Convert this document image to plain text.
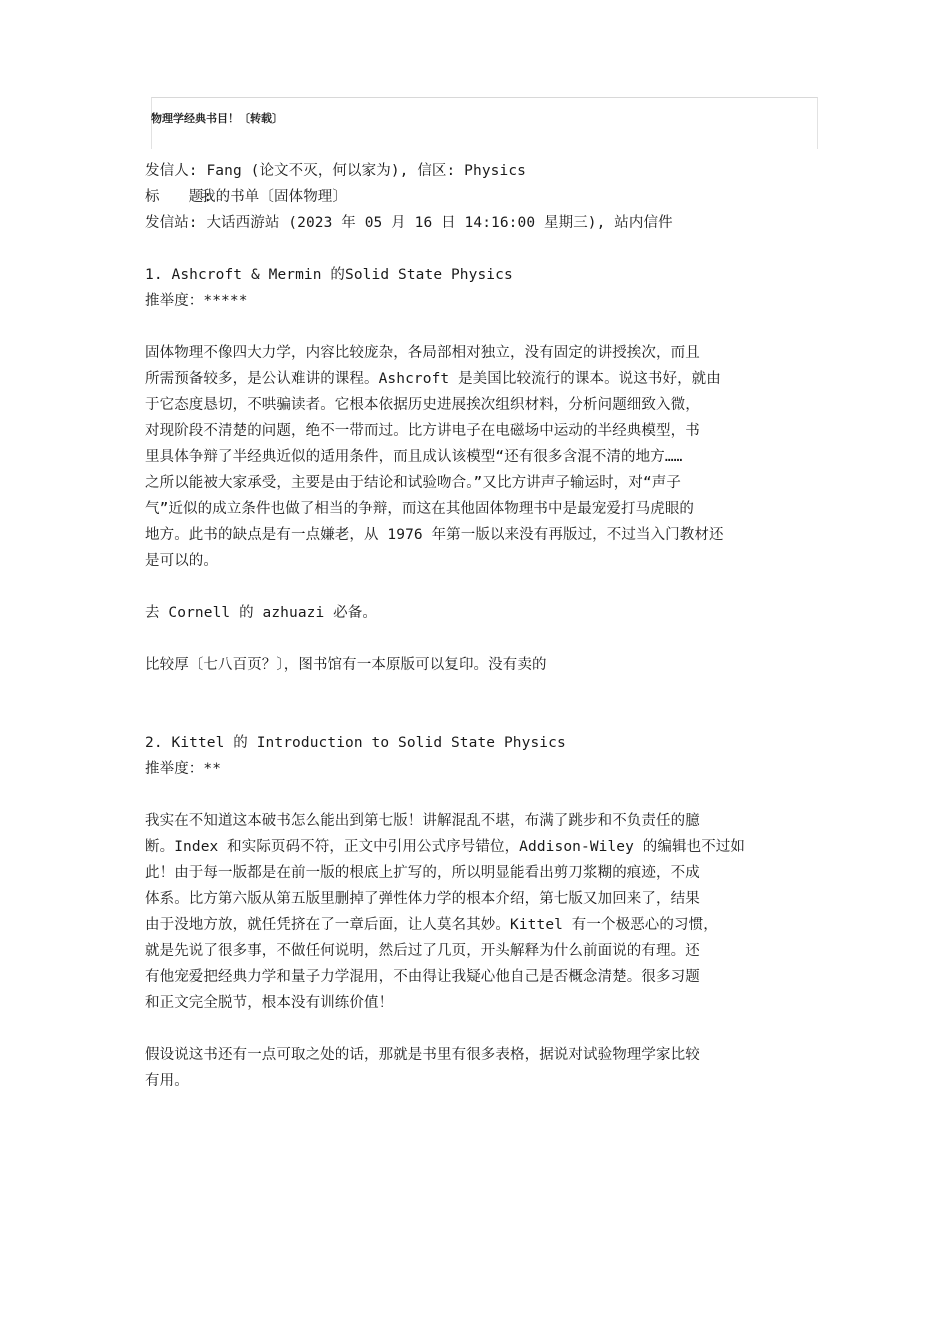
物理学经典书目！〔转载〕
发信人: Fang (论文不灭，何以家为), 信区: Physics
标　　题:我的书单〔固体物理〕
发信站: 大话西游站 (2023 年 05 月 16 日 14:16:00 星期三), 站内信件
1. Ashcroft & Mermin 的Solid State Physics
推举度：*****
固体物理不像四大力学，内容比较庞杂，各局部相对独立，没有固定的讲授挨次，而且
所需预备较多，是公认难讲的课程。Ashcroft 是美国比较流行的课本。说这书好，就由
于它态度恳切，不哄骗读者。它根本依据历史进展挨次组织材料，分析问题细致入微，
对现阶段不清楚的问题，绝不一带而过。比方讲电子在电磁场中运动的半经典模型，书
里具体争辩了半经典近似的适用条件，而且成认该模型“还有很多含混不清的地方……
之所以能被大家承受，主要是由于结论和试验吻合。”又比方讲声子输运时，对“声子
气”近似的成立条件也做了相当的争辩，而这在其他固体物理书中是最宠爱打马虎眼的
地方。此书的缺点是有一点嫌老，从 1976 年第一版以来没有再版过，不过当入门教材还
是可以的。
去 Cornell 的 azhuazi 必备。
比较厚〔七八百页？〕，图书馆有一本原版可以复印。没有卖的
2. Kittel 的 Introduction to Solid State Physics
推举度：**
我实在不知道这本破书怎么能出到第七版！讲解混乱不堪，布满了跳步和不负责任的臆
断。Index 和实际页码不符，正文中引用公式序号错位，Addison-Wiley 的编辑也不过如
此！由于每一版都是在前一版的根底上扩写的，所以明显能看出剪刀浆糊的痕迹，不成
体系。比方第六版从第五版里删掉了弹性体力学的根本介绍，第七版又加回来了，结果
由于没地方放，就任凭挤在了一章后面，让人莫名其妙。Kittel 有一个极恶心的习惯，
就是先说了很多事，不做任何说明，然后过了几页，开头解释为什么前面说的有理。还
有他宠爱把经典力学和量子力学混用，不由得让我疑心他自己是否概念清楚。很多习题
和正文完全脱节，根本没有训练价值！
假设说这书还有一点可取之处的话，那就是书里有很多表格，据说对试验物理学家比较
有用。
